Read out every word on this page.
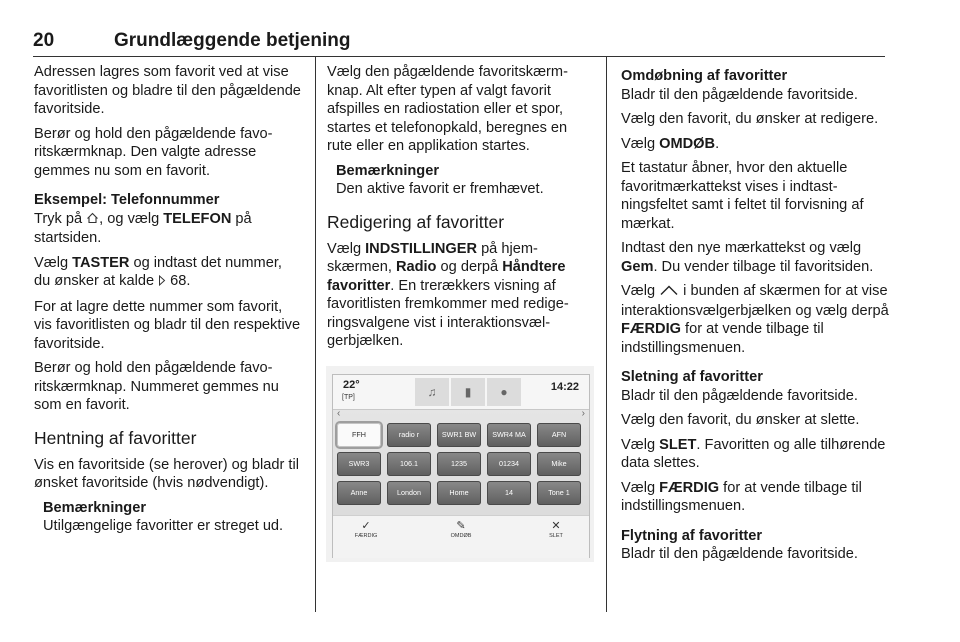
20	Grundlæggende betjening

Adressen lagres som favorit ved at vise favoritlisten og bladre til den pågældende favoritside.

Berør og hold den pågældende favoritskærmknap. Den valgte adresse gemmes nu som en favorit.

Eksempel: Telefonnummer

Tryk på , og vælg TELEFON på startsiden.

Vælg TASTER og indtast det nummer, du ønsker at kalde  68.

For at lagre dette nummer som favorit, vis favoritlisten og bladr til den respektive favoritside.

Berør og hold den pågældende favoritskærmknap. Nummeret gemmes nu som en favorit.

Hentning af favoritter

Vis en favoritside (se herover) og bladr til ønsket favoritside (hvis nødvendigt).

Bemærkninger
Utilgængelige favoritter er streget ud.

Vælg den pågældende favoritskærmknap. Alt efter typen af valgt favorit afspilles en radiostation eller et spor, startes et telefonopkald, beregnes en rute eller en applikation startes.

Bemærkninger
Den aktive favorit er fremhævet.
Redigering af favoritter

Vælg INDSTILLINGER på hjemskærmen, Radio og derpå Håndtere favoritter. En trerækkers visning af favoritlisten fremkommer med redigeringsvalgene vist i interaktionsvælgerbjælken.

22°
[TP]	♫	▮	●	14:22
‹	›
FFH	radio r	SWR1 BW	SWR4 MA	AFN
SWR3	106.1	1235	01234	Mike
Anne	London	Home	14	Tone 1
✓
FÆRDIG
✎
OMDØB
✕
SLET
Omdøbning af favoritter

Bladr til den pågældende favoritside.

Vælg den favorit, du ønsker at redigere.

Vælg OMDØB.

Et tastatur åbner, hvor den aktuelle favoritmærkattekst vises i indtastningsfeltet samt i feltet til forvisning af mærkat.

Indtast den nye mærkattekst og vælg Gem. Du vender tilbage til favoritsiden.

Vælg  i bunden af skærmen for at vise interaktionsvælgerbjælken og vælg derpå FÆRDIG for at vende tilbage til indstillingsmenuen.

Sletning af favoritter

Bladr til den pågældende favoritside.

Vælg den favorit, du ønsker at slette.

Vælg SLET. Favoritten og alle tilhørende data slettes.

Vælg FÆRDIG for at vende tilbage til indstillingsmenuen.

Flytning af favoritter

Bladr til den pågældende favoritside.
